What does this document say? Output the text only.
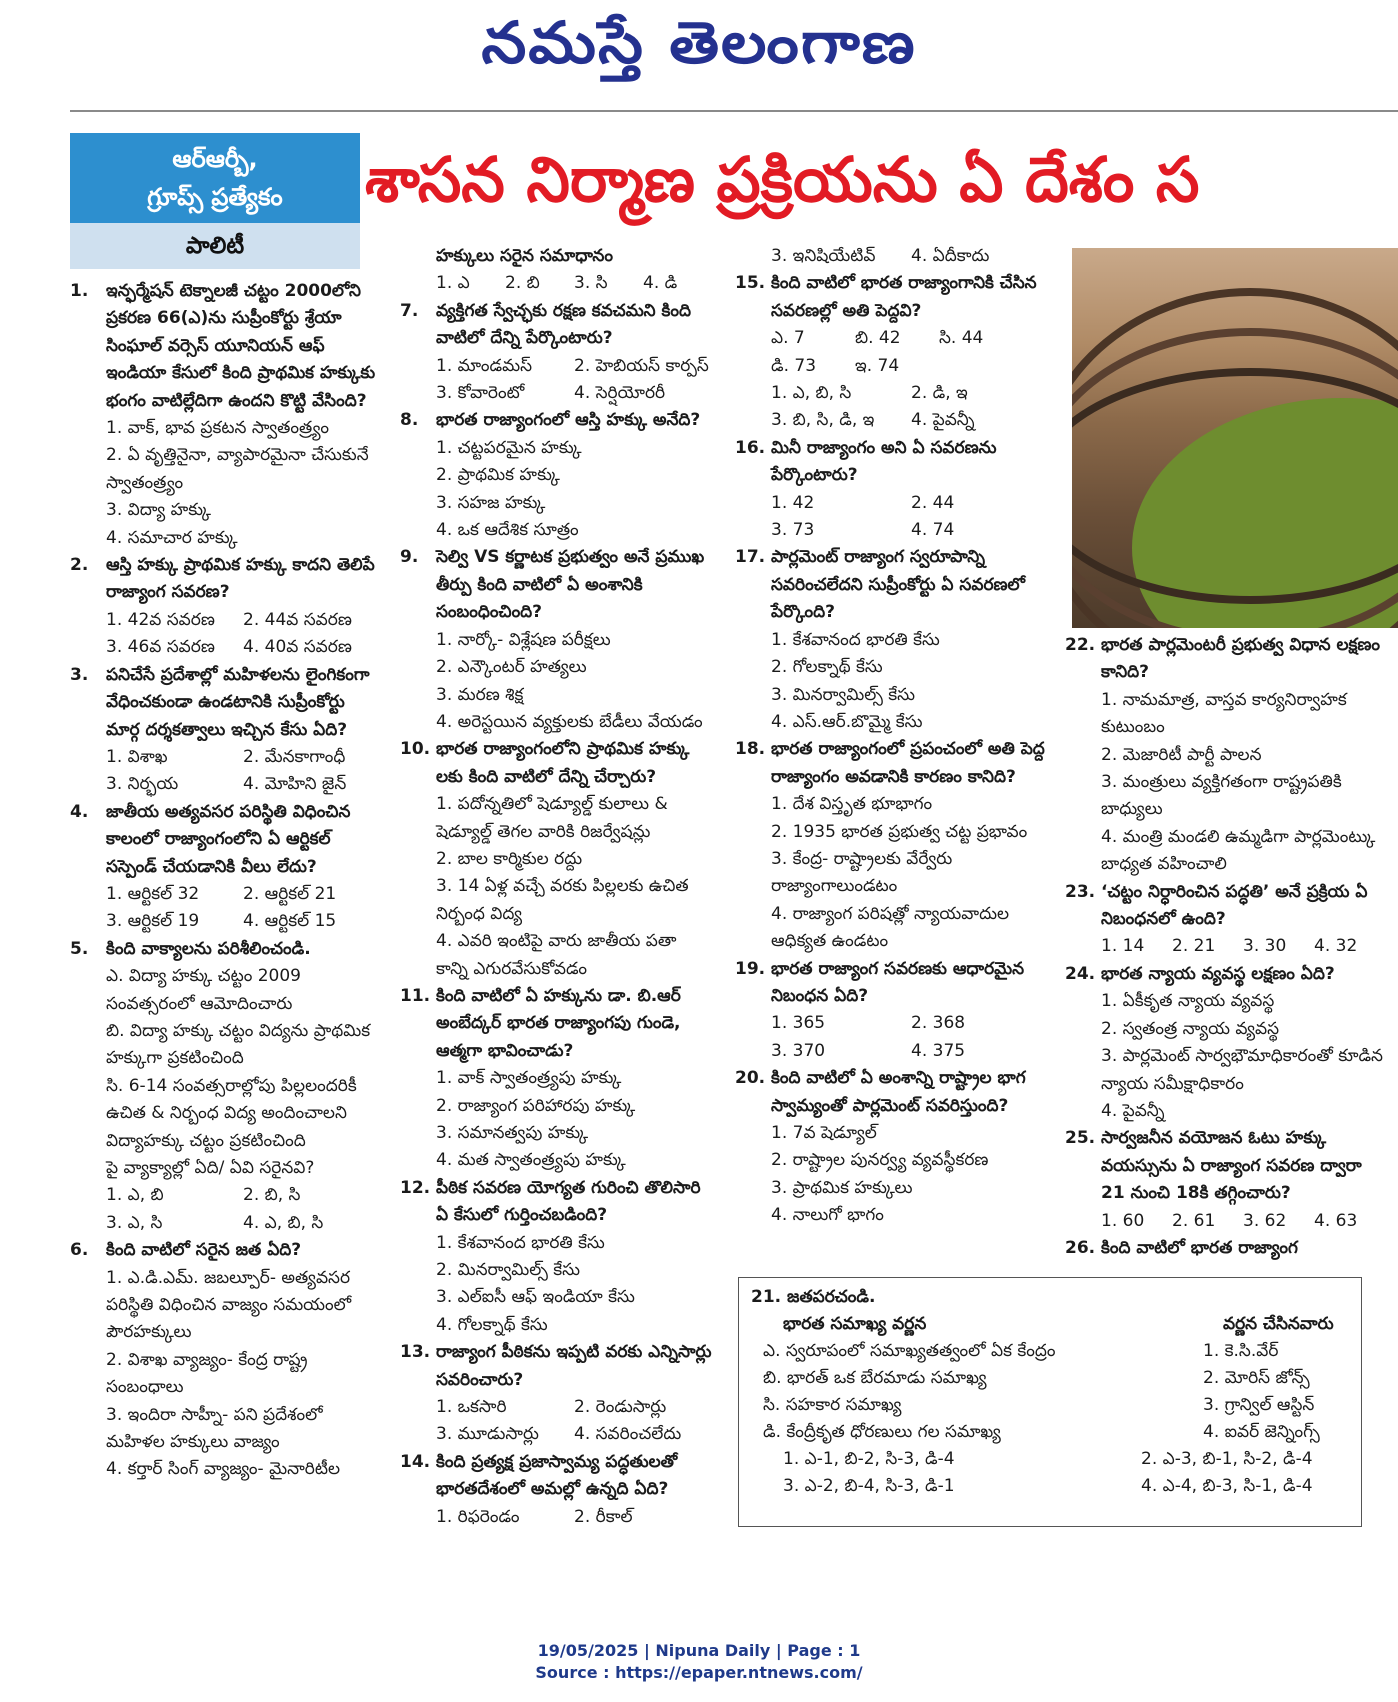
నమస్తే తెలంగాణ
ఆర్ఆర్బీ,
గ్రూప్స్ ప్రత్యేకం
పాలిటీ
శాసన నిర్మాణ ప్రక్రియను ఏ దేశం స
1.	ఇన్ఫర్మేషన్ టెక్నాలజీ చట్టం 2000లోని ప్రకరణ 66(ఎ)ను సుప్రీంకోర్టు శ్రేయా సింఘాల్ వర్సెస్ యూనియన్ ఆఫ్ ఇండియా కేసులో కింది ప్రాథమిక హక్కుకు భంగం వాటిల్లేదిగా ఉందని కొట్టి వేసింది?
1. వాక్, భావ ప్రకటన స్వాతంత్ర్యం
2. ఏ వృత్తినైనా, వ్యాపారమైనా చేసుకునే స్వాతంత్ర్యం
3. విద్యా హక్కు
4. సమాచార హక్కు
2.	ఆస్తి హక్కు ప్రాథమిక హక్కు కాదని తెలిపే రాజ్యాంగ సవరణ?
1. 42వ సవరణ	2. 44వ సవరణ
3. 46వ సవరణ	4. 40వ సవరణ
3.	పనిచేసే ప్రదేశాల్లో మహిళలను లైంగికంగా వేధించకుండా ఉండటానికి సుప్రీంకోర్టు మార్గ దర్శకత్వాలు ఇచ్చిన కేసు ఏది?
1. విశాఖ	2. మేనకాగాంధీ
3. నిర్భయ	4. మోహిని జైన్
4.	జాతీయ అత్యవసర పరిస్థితి విధించిన కాలంలో రాజ్యాంగంలోని ఏ ఆర్టికల్ సస్పెండ్ చేయడానికి వీలు లేదు?
1. ఆర్టికల్ 32	2. ఆర్టికల్ 21
3. ఆర్టికల్ 19	4. ఆర్టికల్ 15
5.	కింది వాక్యాలను పరిశీలించండి.
ఎ. విద్యా హక్కు చట్టం 2009 సంవత్సరంలో ఆమోదించారు
బి. విద్యా హక్కు చట్టం విద్యను ప్రాథమిక హక్కుగా ప్రకటించింది
సి. 6-14 సంవత్సరాల్లోపు పిల్లలందరికీ ఉచిత & నిర్బంధ విద్య అందించాలని విద్యాహక్కు చట్టం ప్రకటించింది
పై వ్యాక్యాల్లో ఏది/ ఏవి సరైనవి?
1. ఎ, బి	2. బి, సి
3. ఎ, సి	4. ఎ, బి, సి
6.	కింది వాటిలో సరైన జత ఏది?
1. ఎ.డి.ఎమ్. జబల్పూర్- అత్యవసర పరిస్థితి విధించిన వాజ్యం సమయంలో పౌరహక్కులు
2. విశాఖ వ్యాజ్యం- కేంద్ర రాష్ట్ర సంబంధాలు
3. ఇందిరా సాహ్నీ- పని ప్రదేశంలో మహిళల హక్కులు వాజ్యం
4. కర్తార్ సింగ్ వ్యాజ్యం- మైనారిటీల
హక్కులు సరైన సమాధానం
1. ఎ	2. బి	3. సి	4. డి
7.	వ్యక్తిగత స్వేచ్ఛకు రక్షణ కవచమని కింది వాటిలో దేన్ని పేర్కొంటారు?
1. మాండమస్	2. హెబియస్ కార్పస్
3. కోవారెంటో	4. సెర్షియోరరీ
8.	భారత రాజ్యాంగంలో ఆస్తి హక్కు అనేది?
1. చట్టపరమైన హక్కు
2. ప్రాథమిక హక్కు
3. సహజ హక్కు
4. ఒక ఆదేశిక సూత్రం
9.	సెల్వి VS కర్ణాటక ప్రభుత్వం అనే ప్రముఖ తీర్పు కింది వాటిలో ఏ అంశానికి సంబంధించింది?
1. నార్కో- విశ్లేషణ పరీక్షలు
2. ఎన్కౌంటర్ హత్యలు
3. మరణ శిక్ష
4. అరెస్టయిన వ్యక్తులకు బేడీలు వేయడం
10. భారత రాజ్యాంగంలోని ప్రాథమిక హక్కు లకు కింది వాటిలో దేన్ని చేర్చారు?
1. పదోన్నతిలో షెడ్యూల్డ్ కులాలు & షెడ్యూల్డ్ తెగల వారికి రిజర్వేషన్లు
2. బాల కార్మికుల రద్దు
3. 14 ఏళ్ల వచ్చే వరకు పిల్లలకు ఉచిత నిర్బంధ విద్య
4. ఎవరి ఇంటిపై వారు జాతీయ పతా కాన్ని ఎగురవేసుకోవడం
11. కింది వాటిలో ఏ హక్కును డా. బి.ఆర్ అంబేద్కర్ భారత రాజ్యాంగపు గుండె, ఆత్మగా భావించాడు?
1. వాక్ స్వాతంత్ర్యపు హక్కు
2. రాజ్యాంగ పరిహారపు హక్కు
3. సమానత్వపు హక్కు
4. మత స్వాతంత్ర్యపు హక్కు
12. పీఠిక సవరణ యోగ్యత గురించి తొలిసారి ఏ కేసులో గుర్తించబడింది?
1. కేశవానంద భారతి కేసు
2. మినర్వామిల్స్ కేసు
3. ఎల్ఐసీ ఆఫ్ ఇండియా కేసు
4. గోలక్నాథ్ కేసు
13. రాజ్యాంగ పీఠికను ఇప్పటి వరకు ఎన్నిసార్లు సవరించారు?
1. ఒకసారి	2. రెండుసార్లు
3. మూడుసార్లు	4. సవరించలేదు
14. కింది ప్రత్యక్ష ప్రజాస్వామ్య పద్ధతులతో భారతదేశంలో అమల్లో ఉన్నది ఏది?
1. రిఫరెండం	2. రీకాల్
3. ఇనిషియేటివ్	4. ఏదీకాదు
15. కింది వాటిలో భారత రాజ్యాంగానికి చేసిన సవరణల్లో అతి పెద్దవి?
ఎ. 7	బి. 42	సి. 44
డి. 73	ఇ. 74
1. ఎ, బి, సి	2. డి, ఇ
3. బి, సి, డి, ఇ	4. పైవన్నీ
16. మినీ రాజ్యాంగం అని ఏ సవరణను పేర్కొంటారు?
1. 42	2. 44
3. 73	4. 74
17. పార్లమెంట్ రాజ్యాంగ స్వరూపాన్ని సవరించలేదని సుప్రీంకోర్టు ఏ సవరణలో పేర్కొంది?
1. కేశవానంద భారతి కేసు
2. గోలక్నాథ్ కేసు
3. మినర్వామిల్స్ కేసు
4. ఎస్.ఆర్.బొమ్మై కేసు
18. భారత రాజ్యాంగంలో ప్రపంచంలో అతి పెద్ద రాజ్యాంగం అవడానికి కారణం కానిది?
1. దేశ విస్తృత భూభాగం
2. 1935 భారత ప్రభుత్వ చట్ట ప్రభావం
3. కేంద్ర- రాష్ట్రాలకు వేర్వేరు రాజ్యాంగాలుండటం
4. రాజ్యాంగ పరిషత్లో న్యాయవాదుల ఆధిక్యత ఉండటం
19. భారత రాజ్యాంగ సవరణకు ఆధారమైన నిబంధన ఏది?
1. 365	2. 368
3. 370	4. 375
20. కింది వాటిలో ఏ అంశాన్ని రాష్ట్రాల భాగ స్వామ్యంతో పార్లమెంట్ సవరిస్తుంది?
1. 7వ షెడ్యూల్
2. రాష్ట్రాల పునర్వ్య వ్యవస్థీకరణ
3. ప్రాథమిక హక్కులు
4. నాలుగో భాగం
22. భారత పార్లమెంటరీ ప్రభుత్వ విధాన లక్షణం కానిది?
1. నామమాత్ర, వాస్తవ కార్యనిర్వాహక కుటుంబం
2. మెజారిటీ పార్టీ పాలన
3. మంత్రులు వ్యక్తిగతంగా రాష్ట్రపతికి బాధ్యులు
4. మంత్రి మండలి ఉమ్మడిగా పార్లమెంట్కు బాధ్యత వహించాలి
23. ‘చట్టం నిర్ధారించిన పద్ధతి’ అనే ప్రక్రియ ఏ నిబంధనలో ఉంది?
1. 14	2. 21	3. 30	4. 32
24. భారత న్యాయ వ్యవస్థ లక్షణం ఏది?
1. ఏకీకృత న్యాయ వ్యవస్థ
2. స్వతంత్ర న్యాయ వ్యవస్థ
3. పార్లమెంట్ సార్వభౌమాధికారంతో కూడిన న్యాయ సమీక్షాధికారం
4. పైవన్నీ
25. సార్వజనీన వయోజన ఓటు హక్కు వయస్సును ఏ రాజ్యాంగ సవరణ ద్వారా 21 నుంచి 18కి తగ్గించారు?
1. 60	2. 61	3. 62	4. 63
26. కింది వాటిలో భారత రాజ్యాంగ
21. జతపరచండి.
భారత సమాఖ్య వర్ణన	వర్ణన చేసినవారు
ఎ. స్వరూపంలో సమాఖ్యతత్వంలో ఏక కేంద్రం	1. కె.సి.వేర్
బి. భారత్ ఒక బేరమాడు సమాఖ్య	2. మోరిస్ జోన్స్
సి. సహకార సమాఖ్య	3. గ్రాన్విల్ ఆస్టిన్
డి. కేంద్రీకృత ధోరణులు గల సమాఖ్య	4. ఐవర్ జెన్నింగ్స్
1. ఎ-1, బి-2, సి-3, డి-4	2. ఎ-3, బి-1, సి-2, డి-4
3. ఎ-2, బి-4, సి-3, డి-1	4. ఎ-4, బి-3, సి-1, డి-4
19/05/2025 | Nipuna Daily | Page : 1
Source : https://epaper.ntnews.com/
